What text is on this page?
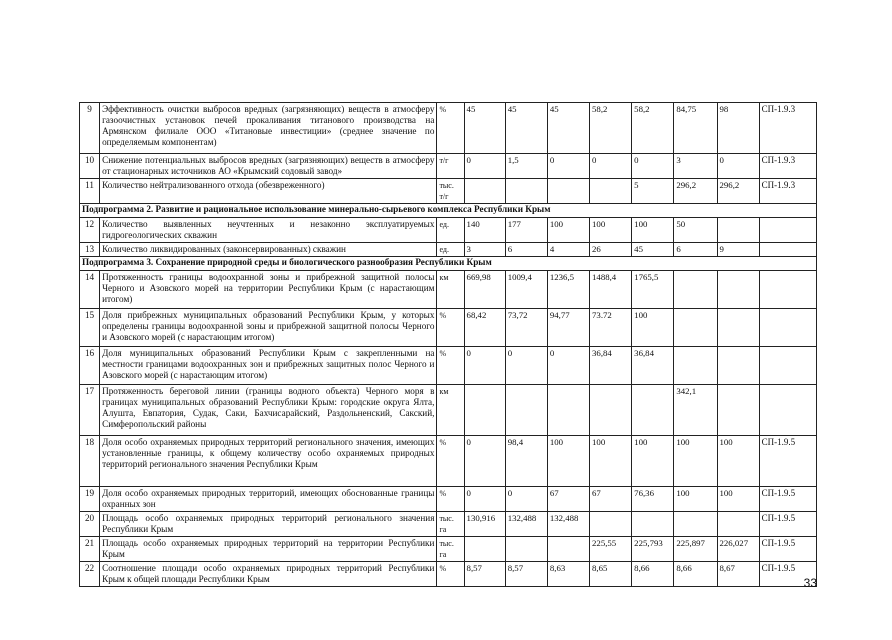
9	Эффективность очистки выбросов вредных (загрязняющих) веществ в атмосферу газоочистных установок печей прокаливания титанового производства на Армянском филиале ООО «Титановые инвестиции» (среднее значение по определяемым компонентам)	%	45	45	45	58,2	58,2	84,75	98	СП-1.9.3
10	Снижение потенциальных выбросов вредных (загрязняющих) веществ в атмосферу от стационарных источников АО «Крымский содовый завод»	т/г	0	1,5	0	0	0	3	0	СП-1.9.3
11	Количество нейтрализованного отхода (обезвреженного)	тыс. т/г					5	296,2	296,2	СП-1.9.3
Подпрограмма 2. Развитие и рациональное использование минерально-сырьевого комплекса Республики Крым										
12	Количество выявленных неучтенных и незаконно эксплуатируемых гидрогеологических скважин	ед.	140	177	100	100	100	50		
13	Количество ликвидированных (законсервированных) скважин	ед.	3	6	4	26	45	6	9	
Подпрограмма 3. Сохранение природной среды и биологического разнообразия Республики Крым										
14	Протяженность границы водоохранной зоны и прибрежной защитной полосы Черного и Азовского морей на территории Республики Крым (с нарастающим итогом)	км	669,98	1009,4	1236,5	1488,4	1765,5			
15	Доля прибрежных муниципальных образований Республики Крым, у которых определены границы водоохранной зоны и прибрежной защитной полосы Черного и Азовского морей (с нарастающим итогом)	%	68,42	73,72	94,77	73.72	100			
16	Доля муниципальных образований Республики Крым с закрепленными на местности границами водоохранных зон и прибрежных защитных полос Черного и Азовского морей (с нарастающим итогом)	%	0	0	0	36,84	36,84			
17	Протяженность береговой линии (границы водного объекта) Черного моря в границах муниципальных образований Республики Крым: городские округа Ялта, Алушта, Евпатория, Судак, Саки, Бахчисарайский, Раздольненский, Сакский, Симферопольский районы	км						342,1		
18	Доля особо охраняемых природных территорий регионального значения, имеющих установленные границы, к общему количеству особо охраняемых природных территорий регионального значения Республики Крым	%	0	98,4	100	100	100	100	100	СП-1.9.5
19	Доля особо охраняемых природных территорий, имеющих обоснованные границы охранных зон	%	0	0	67	67	76,36	100	100	СП-1.9.5
20	Площадь особо охраняемых природных территорий регионального значения Республики Крым	тыс. га	130,916	132,488	132,488					СП-1.9.5
21	Площадь особо охраняемых природных территорий на территории Республики Крым	тыс. га				225,55	225,793	225,897	226,027	СП-1.9.5
22	Соотношение площади особо охраняемых природных территорий Республики Крым к общей площади Республики Крым	%	8,57	8,57	8,63	8,65	8,66	8,66	8,67	СП-1.9.5
33
